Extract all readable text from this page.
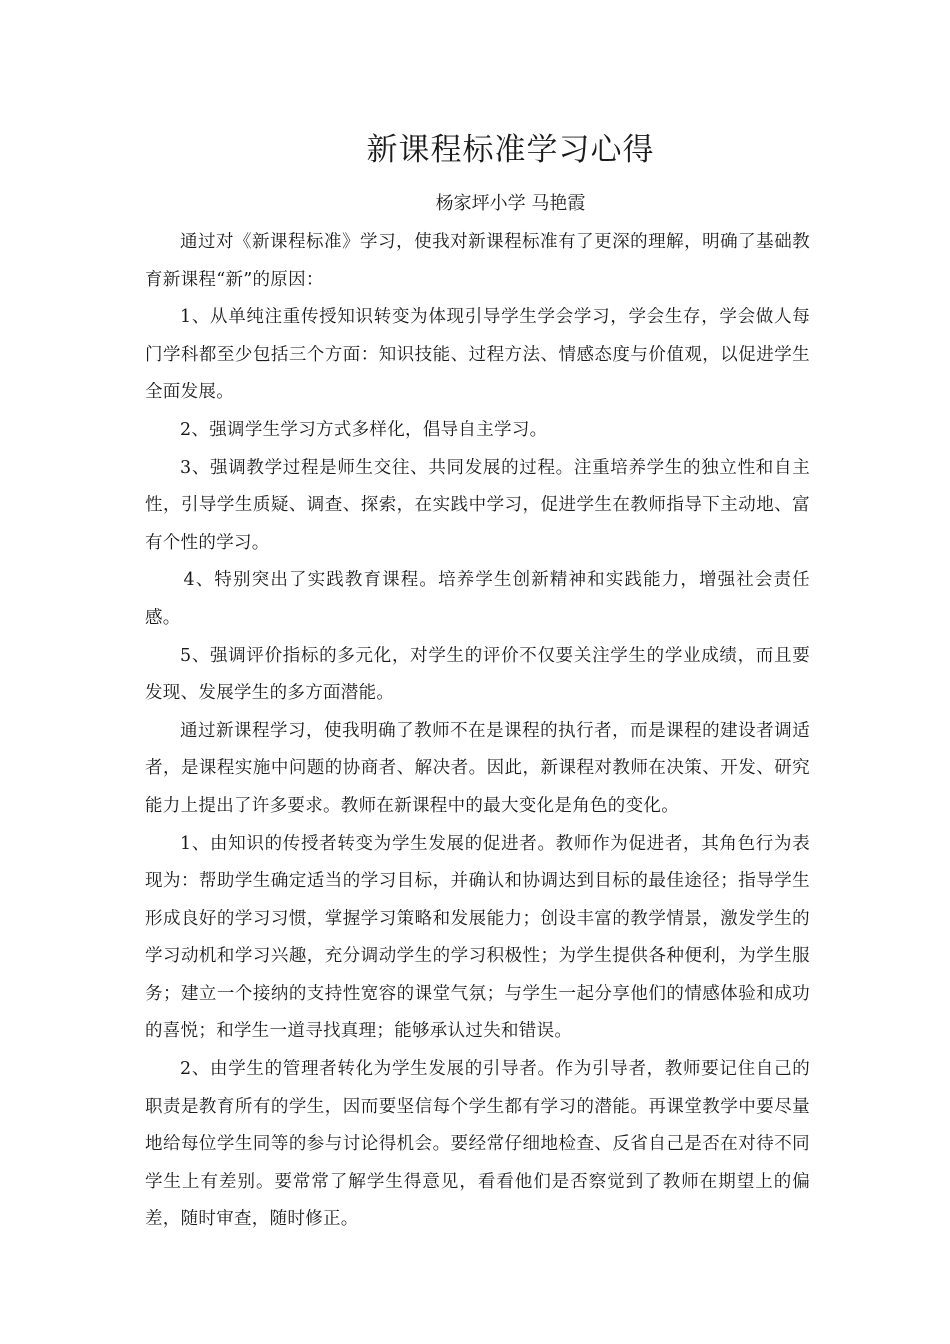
新课程标准学习心得

杨家坪小学 马艳霞

通过对《新课程标准》学习，使我对新课程标准有了更深的理解，明确了基础教育新课程“新”的原因：

1、从单纯注重传授知识转变为体现引导学生学会学习，学会生存，学会做人每门学科都至少包括三个方面：知识技能、过程方法、情感态度与价值观，以促进学生全面发展。

2、强调学生学习方式多样化，倡导自主学习。

3、强调教学过程是师生交往、共同发展的过程。注重培养学生的独立性和自主性，引导学生质疑、调查、探索，在实践中学习，促进学生在教师指导下主动地、富有个性的学习。

4、特别突出了实践教育课程。培养学生创新精神和实践能力，增强社会责任感。

5、强调评价指标的多元化，对学生的评价不仅要关注学生的学业成绩，而且要发现、发展学生的多方面潜能。

通过新课程学习，使我明确了教师不在是课程的执行者，而是课程的建设者调适者，是课程实施中问题的协商者、解决者。因此，新课程对教师在决策、开发、研究能力上提出了许多要求。教师在新课程中的最大变化是角色的变化。

1、由知识的传授者转变为学生发展的促进者。教师作为促进者，其角色行为表现为：帮助学生确定适当的学习目标，并确认和协调达到目标的最佳途径；指导学生形成良好的学习习惯，掌握学习策略和发展能力；创设丰富的教学情景，激发学生的学习动机和学习兴趣，充分调动学生的学习积极性；为学生提供各种便利，为学生服务；建立一个接纳的支持性宽容的课堂气氛；与学生一起分享他们的情感体验和成功的喜悦；和学生一道寻找真理；能够承认过失和错误。

2、由学生的管理者转化为学生发展的引导者。作为引导者，教师要记住自己的职责是教育所有的学生，因而要坚信每个学生都有学习的潜能。再课堂教学中要尽量地给每位学生同等的参与讨论得机会。要经常仔细地检查、反省自己是否在对待不同学生上有差别。要常常了解学生得意见，看看他们是否察觉到了教师在期望上的偏差，随时审查，随时修正。
